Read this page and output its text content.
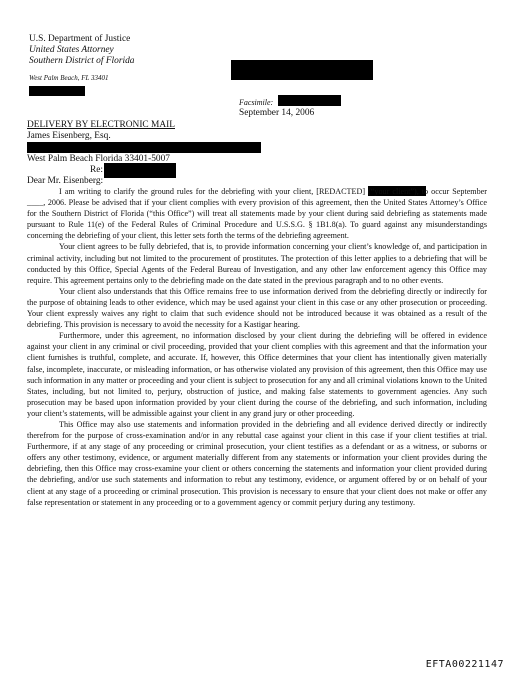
U.S. Department of Justice
United States Attorney
Southern District of Florida
West Palm Beach, FL 33401
Facsimile:
September 14, 2006
DELIVERY BY ELECTRONIC MAIL
James Eisenberg, Esq.
West Palm Beach Florida 33401-5007
Re:
Dear Mr. Eisenberg:

I am writing to clarify the ground rules for the debriefing with your client, [REDACTED] (“your client”), to occur September ____, 2006. Please be advised that if your client complies with every provision of this agreement, then the United States Attorney’s Office for the Southern District of Florida (“this Office”) will treat all statements made by your client during said debriefing as statements made pursuant to Rule 11(e) of the Federal Rules of Criminal Procedure and U.S.S.G. § 1B1.8(a). To guard against any misunderstandings concerning the debriefing of your client, this letter sets forth the terms of the debriefing agreement.

Your client agrees to be fully debriefed, that is, to provide information concerning your client’s knowledge of, and participation in criminal activity, including but not limited to the procurement of prostitutes. The protection of this letter applies to a debriefing that will be conducted by this Office, Special Agents of the Federal Bureau of Investigation, and any other law enforcement agency this Office may require. This agreement pertains only to the debriefing made on the date stated in the previous paragraph and to no other events.

Your client also understands that this Office remains free to use information derived from the debriefing directly or indirectly for the purpose of obtaining leads to other evidence, which may be used against your client in this case or any other prosecution or proceeding. Your client expressly waives any right to claim that such evidence should not be introduced because it was obtained as a result of the debriefing. This provision is necessary to avoid the necessity for a Kastigar hearing.

Furthermore, under this agreement, no information disclosed by your client during the debriefing will be offered in evidence against your client in any criminal or civil proceeding, provided that your client complies with this agreement and that the information your client furnishes is truthful, complete, and accurate. If, however, this Office determines that your client has intentionally given materially false, incomplete, inaccurate, or misleading information, or has otherwise violated any provision of this agreement, then this Office may use such information in any matter or proceeding and your client is subject to prosecution for any and all criminal violations known to the United States, including, but not limited to, perjury, obstruction of justice, and making false statements to government agencies. Any such prosecution may be based upon information provided by your client during the course of the debriefing, and such information, including your client’s statements, will be admissible against your client in any grand jury or other proceeding.

This Office may also use statements and information provided in the debriefing and all evidence derived directly or indirectly therefrom for the purpose of cross-examination and/or in any rebuttal case against your client in this case if your client testifies at trial. Furthermore, if at any stage of any proceeding or criminal prosecution, your client testifies as a defendant or as a witness, or suborns or offers any other testimony, evidence, or argument materially different from any statements or information your client provides during the debriefing, then this Office may cross-examine your client or others concerning the statements and information your client provided during the debriefing, and/or use such statements and information to rebut any testimony, evidence, or argument offered by or on behalf of your client at any stage of a proceeding or criminal prosecution. This provision is necessary to ensure that your client does not make or offer any false representation or statement in any proceeding or to a government agency or commit perjury during any testimony.

EFTA00221147
